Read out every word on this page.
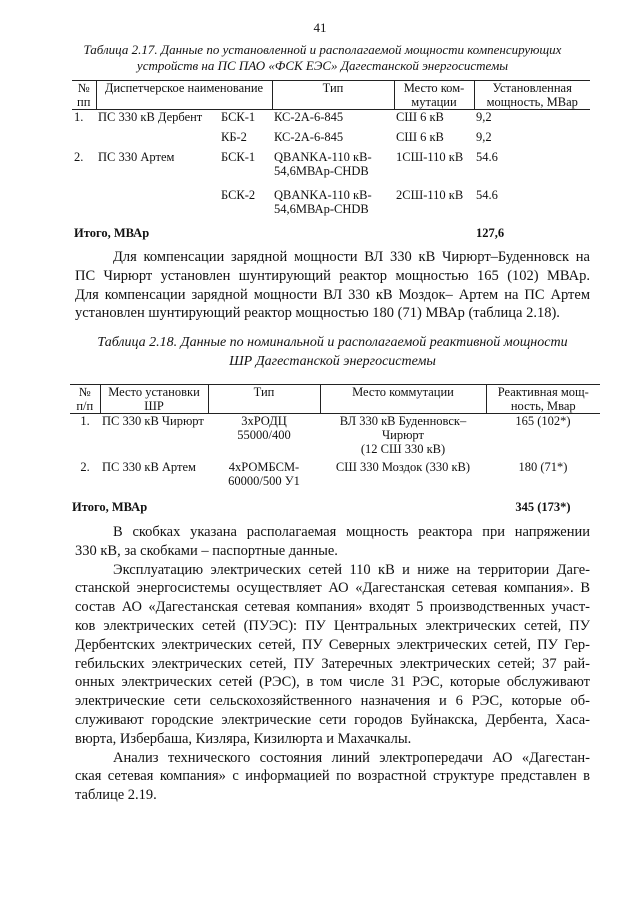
41
Таблица 2.17. Данные по установленной и располагаемой мощности компенсирующих
устройств на ПС ПАО «ФСК ЕЭС» Дагестанской энергосистемы
№
пп	Диспетчерское наименование		Тип	Место ком-
мутации	Установленная
мощность, МВар
1.	ПС 330 кВ Дербент	БСК-1	КС-2А-6-845	СШ 6 кВ	9,2
		КБ-2	КС-2А-6-845	СШ 6 кВ	9,2
2.	ПС 330 Артем	БСК-1	QBANKA-110 кВ-
54,6МВАр-CHDB	1СШ-110 кВ	54.6
		БСК-2	QBANKA-110 кВ-
54,6МВАр-CHDB	2СШ-110 кВ	54.6
Итого, МВАр					127,6
Для компенсации зарядной мощности ВЛ 330 кВ Чирюрт–Буденновск на
ПС Чирюрт установлен шунтирующий реактор мощностью 165 (102) МВАр.
Для компенсации зарядной мощности ВЛ 330 кВ Моздок– Артем на ПС Артем
установлен шунтирующий реактор мощностью 180 (71) МВАр (таблица 2.18).
Таблица 2.18. Данные по номинальной и располагаемой реактивной мощности
ШР Дагестанской энергосистемы
№
п/п	Место установки
ШР	Тип	Место коммутации	Реактивная мощ-
ность, Мвар
1.	ПС 330 кВ Чирюрт	3хРОДЦ
55000/400	ВЛ 330 кВ Буденновск–
Чирюрт
(12 СШ 330 кВ)	165 (102*)
2.	ПС 330 кВ Артем	4хРОМБСМ-
60000/500 У1	СШ 330 Моздок (330 кВ)	180 (71*)
Итого, МВАр				345 (173*)
В скобках указана располагаемая мощность реактора при напряжении
330 кВ, за скобками – паспортные данные.
Эксплуатацию электрических сетей 110 кВ и ниже на территории Даге-
станской энергосистемы осуществляет АО «Дагестанская сетевая компания». В
состав АО «Дагестанская сетевая компания» входят 5 производственных участ-
ков электрических сетей (ПУЭС): ПУ Центральных электрических сетей, ПУ
Дербентских электрических сетей, ПУ Северных электрических сетей, ПУ Гер-
гебильских электрических сетей, ПУ Затеречных электрических сетей; 37 рай-
онных электрических сетей (РЭС), в том числе 31 РЭС, которые обслуживают
электрические сети сельскохозяйственного назначения и 6 РЭС, которые об-
служивают городские электрические сети городов Буйнакска, Дербента, Хаса-
вюрта, Избербаша, Кизляра, Кизилюрта и Махачкалы.
Анализ технического состояния линий электропередачи АО «Дагестан-
ская сетевая компания» с информацией по возрастной структуре представлен в
таблице 2.19.
